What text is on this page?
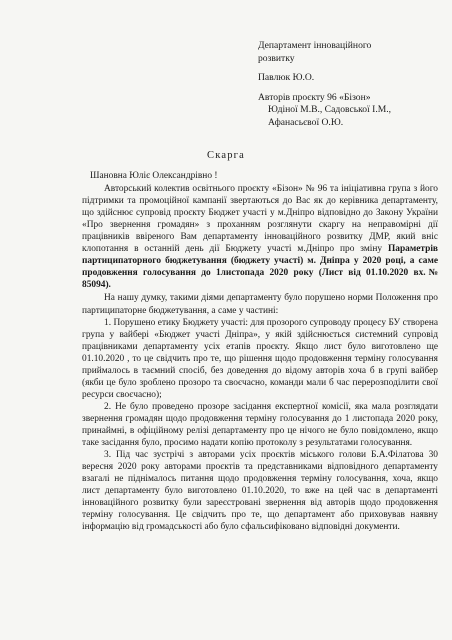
Департамент інноваційного

розвитку

Павлюк Ю.О.

Авторів проєкту 96 «Бізон»

Юдіної М.В., Садовської І.М.,

Афанасьєвої О.Ю.

Скарга

Шановна Юліє Олександрівно !

Авторський колектив освітнього проєкту «Бізон» № 96 та ініціативна група з його підтримки та промоційної кампанії звертаються до Вас як до керівника департаменту, що здійснює супровід проєкту Бюджет участі у м.Дніпро відповідно до Закону України «Про звернення громадян» з проханням розглянути скаргу на неправомірні дії працівників ввіреного Вам департаменту інноваційного розвитку ДМР, який вніс клопотання в останній день дії Бюджету участі м.Дніпро про зміну Параметрів партиципаторного бюджетування (бюджету участі) м. Дніпра у 2020 році, а саме продовження голосування до 1листопада 2020 року (Лист від 01.10.2020 вх.№ 85094).

На нашу думку, такими діями департаменту було порушено норми Положення про партиципаторне бюджетування, а саме у частині:

1. Порушено етику Бюджету участі: для прозорого супроводу процесу БУ створена група у вайбері «Бюджет участі Дніпра», у якій здійснюється системний супровід працівниками департаменту усіх етапів проєкту. Якщо лист було виготовлено ще 01.10.2020 , то це свідчить про те, що рішення щодо продовження терміну голосування приймалось в таємний спосіб, без доведення до відому авторів хоча б в групі вайбер (якби це було зроблено прозоро та своєчасно, команди мали б час перерозподілити свої ресурси своєчасно);

2. Не було проведено прозоре засідання експертної комісії, яка мала розглядати звернення громадян щодо продовження терміну голосування до 1 листопада 2020 року, принаймні, в офіційному релізі департаменту про це нічого не було повідомлено, якщо таке засідання було, просимо надати копію протоколу з результатами голосування.

3. Під час зустрічі з авторами усіх проєктів міського голови Б.А.Філатова 30 вересня 2020 року авторами проєктів та представниками відповідного департаменту взагалі не піднімалось питання щодо продовження терміну голосування, хоча, якщо лист департаменту було виготовлено 01.10.2020, то вже на цей час в департаменті інноваційного розвитку були зареєстровані звернення від авторів щодо продовження терміну голосування. Це свідчить про те, що департамент або приховував наявну інформацію від громадськості або було сфальсифіковано відповідні документи.
